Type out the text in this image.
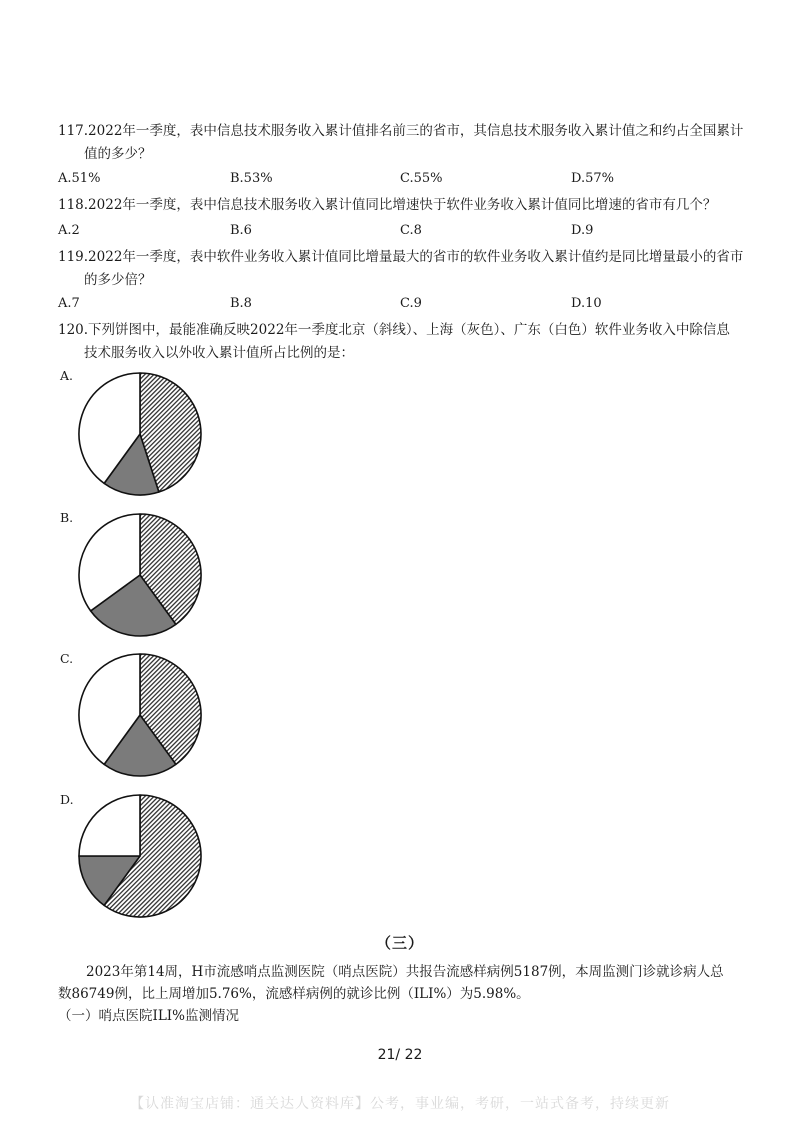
117.2022年一季度，表中信息技术服务收入累计值排名前三的省市，其信息技术服务收入累计值之和约占全国累计
值的多少？
A.51%	B.53%	C.55%	D.57%
118.2022年一季度，表中信息技术服务收入累计值同比增速快于软件业务收入累计值同比增速的省市有几个？
A.2	B.6	C.8	D.9
119.2022年一季度，表中软件业务收入累计值同比增量最大的省市的软件业务收入累计值约是同比增量最小的省市
的多少倍？
A.7	B.8	C.9	D.10
120.下列饼图中，最能准确反映2022年一季度北京（斜线）、上海（灰色）、广东（白色）软件业务收入中除信息
技术服务收入以外收入累计值所占比例的是：
A.
B.
C.
D.
（三）
2023年第14周，H市流感哨点监测医院（哨点医院）共报告流感样病例5187例，本周监测门诊就诊病人总
数86749例，比上周增加5.76%，流感样病例的就诊比例（ILI%）为5.98%。
（一）哨点医院ILI%监测情况
21/ 22
【认准淘宝店铺：通关达人资料库】公考，事业编，考研，一站式备考，持续更新
